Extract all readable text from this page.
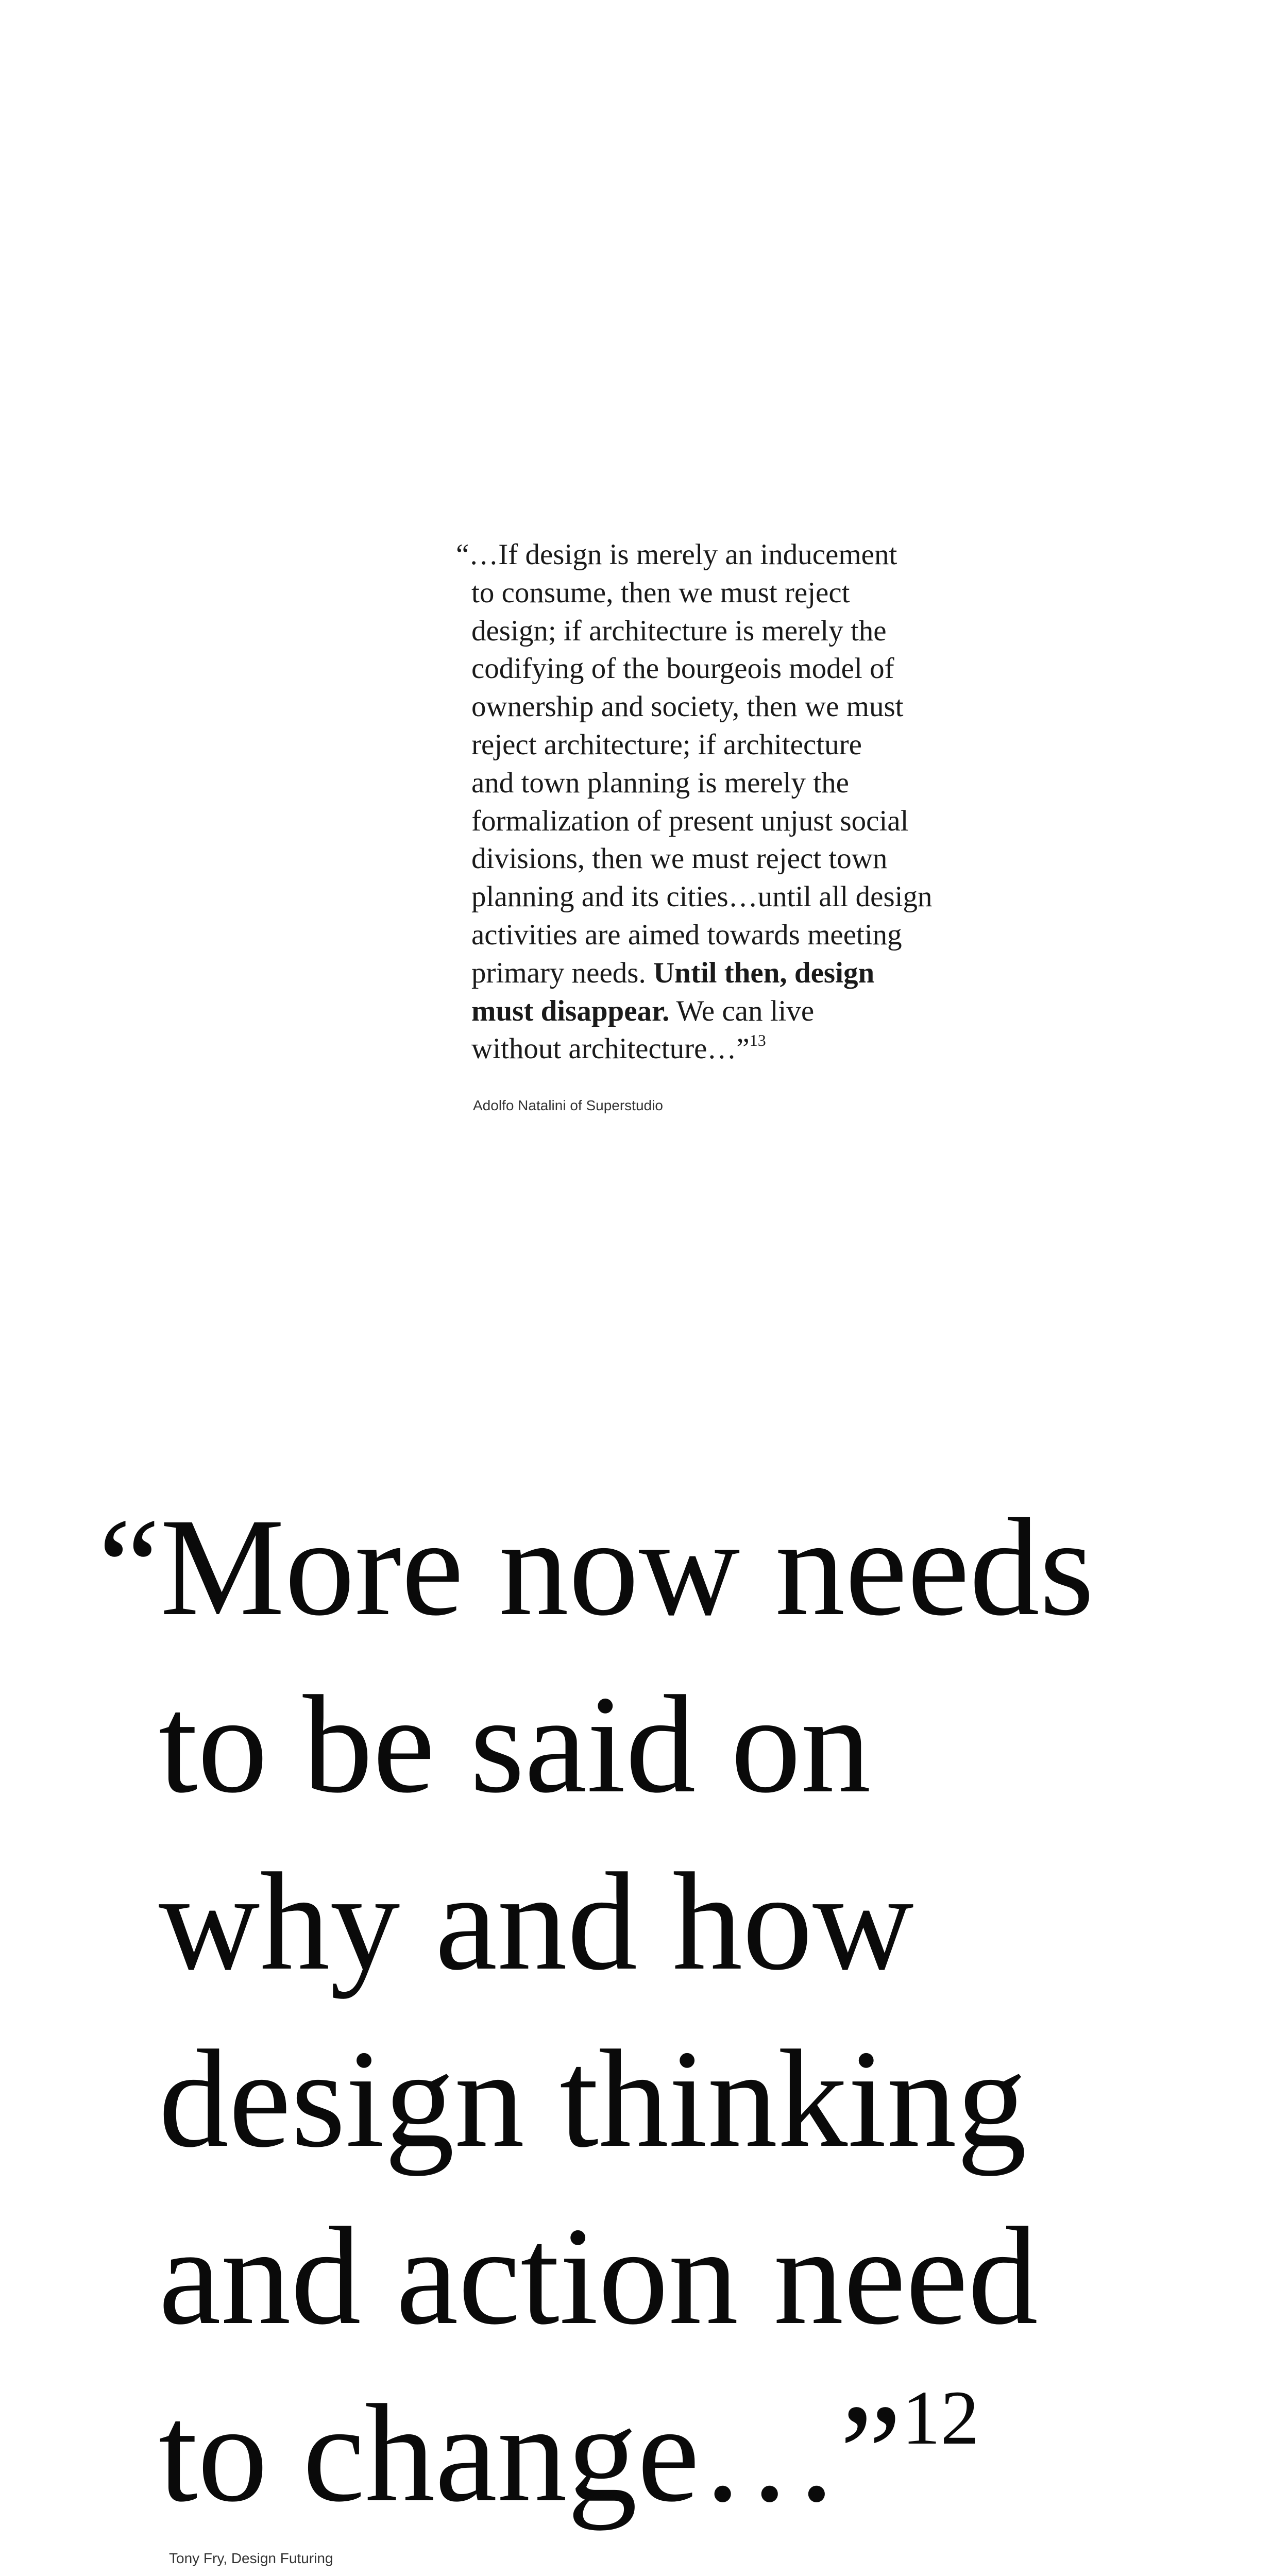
“…If design is merely an inducement
to consume, then we must reject
design; if architecture is merely the
codifying of the bourgeois model of
ownership and society, then we must
reject architecture; if architecture
and town planning is merely the
formalization of present unjust social
divisions, then we must reject town
planning and its cities…until all design
activities are aimed towards meeting
primary needs. Until then, design
must disappear. We can live
without architecture…”$^{13}$
Adolfo Natalini of Superstudio
“More now needs
to be said on
why and how
design thinking
and action need
to change…”$^{12}$
Tony Fry, Design Futuring
